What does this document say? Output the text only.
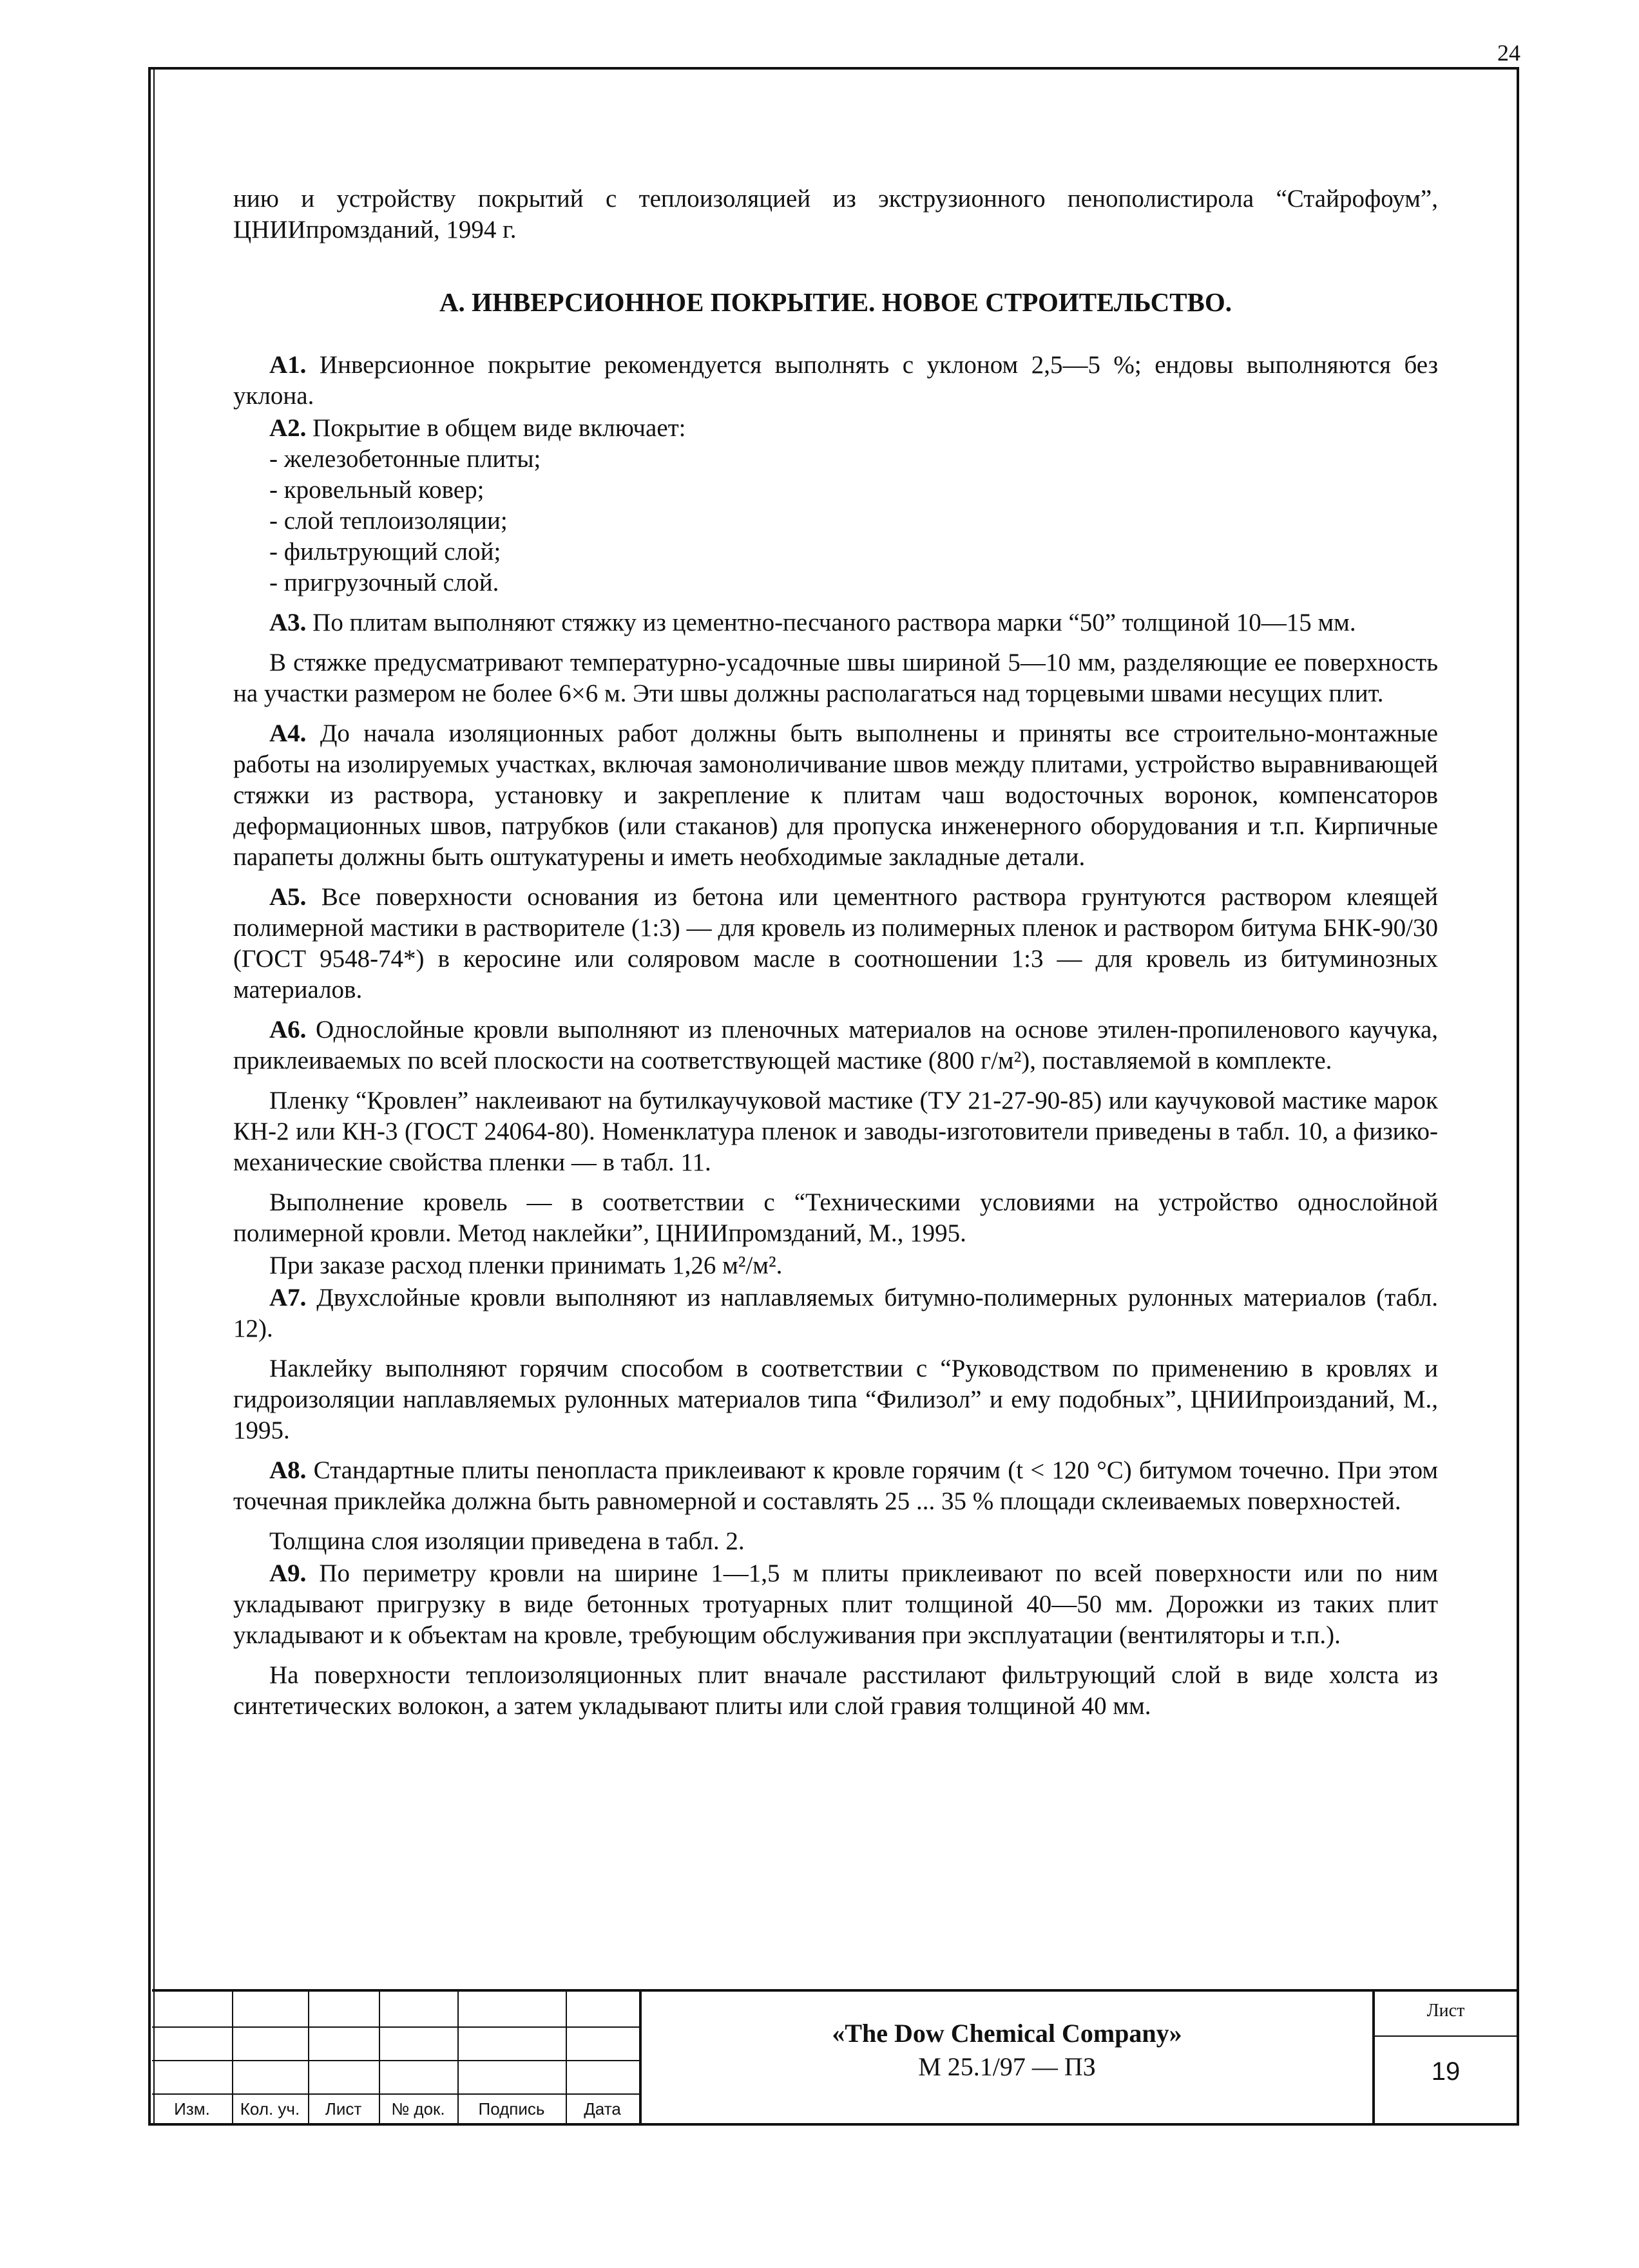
24

нию и устройству покрытий с теплоизоляцией из экструзионного пенополистирола “Стайрофоум”, ЦНИИпромзданий, 1994 г.

А. ИНВЕРСИОННОЕ ПОКРЫТИЕ. НОВОЕ СТРОИТЕЛЬСТВО.

А1. Инверсионное покрытие рекомендуется выполнять с уклоном 2,5—5 %; ендовы выполняются без уклона.

А2. Покрытие в общем виде включает:

- железобетонные плиты;

- кровельный ковер;

- слой теплоизоляции;

- фильтрующий слой;

- пригрузочный слой.

А3. По плитам выполняют стяжку из цементно-песчаного раствора марки “50” толщиной 10—15 мм.

В стяжке предусматривают температурно-усадочные швы шириной 5—10 мм, разделяющие ее поверхность на участки размером не более 6×6 м. Эти швы должны располагаться над торцевыми швами несущих плит.

А4. До начала изоляционных работ должны быть выполнены и приняты все строительно-монтажные работы на изолируемых участках, включая замоноличивание швов между плитами, устройство выравнивающей стяжки из раствора, установку и закрепление к плитам чаш водосточных воронок, компенсаторов деформационных швов, патрубков (или стаканов) для пропуска инженерного оборудования и т.п. Кирпичные парапеты должны быть оштукатурены и иметь необходимые закладные детали.

А5. Все поверхности основания из бетона или цементного раствора грунтуются раствором клеящей полимерной мастики в растворителе (1:3) — для кровель из полимерных пленок и раствором битума БНК-90/30 (ГОСТ 9548-74*) в керосине или соляровом масле в соотношении 1:3 — для кровель из битуминозных материалов.

А6. Однослойные кровли выполняют из пленочных материалов на основе этилен-пропиленового каучука, приклеиваемых по всей плоскости на соответствующей мастике (800 г/м²), поставляемой в комплекте.

Пленку “Кровлен” наклеивают на бутилкаучуковой мастике (ТУ 21-27-90-85) или каучуковой мастике марок КН-2 или КН-3 (ГОСТ 24064-80). Номенклатура пленок и заводы-изготовители приведены в табл. 10, а физико-механические свойства пленки — в табл. 11.

Выполнение кровель — в соответствии с “Техническими условиями на устройство однослойной полимерной кровли. Метод наклейки”, ЦНИИпромзданий, М., 1995.

При заказе расход пленки принимать 1,26 м²/м².

А7. Двухслойные кровли выполняют из наплавляемых битумно-полимерных рулонных материалов (табл. 12).

Наклейку выполняют горячим способом в соответствии с “Руководством по применению в кровлях и гидроизоляции наплавляемых рулонных материалов типа “Филизол” и ему подобных”, ЦНИИпроизданий, М., 1995.

А8. Стандартные плиты пенопласта приклеивают к кровле горячим (t < 120 °С) битумом точечно. При этом точечная приклейка должна быть равномерной и составлять 25 ... 35 % площади склеиваемых поверхностей.

Толщина слоя изоляции приведена в табл. 2.

А9. По периметру кровли на ширине 1—1,5 м плиты приклеивают по всей поверхности или по ним укладывают пригрузку в виде бетонных тротуарных плит толщиной 40—50 мм. Дорожки из таких плит укладывают и к объектам на кровле, требующим обслуживания при эксплуатации (вентиляторы и т.п.).

На поверхности теплоизоляционных плит вначале расстилают фильтрующий слой в виде холста из синтетических волокон, а затем укладывают плиты или слой гравия толщиной 40 мм.

Изм.	Кол. уч.	Лист	№ док.	Подпись	Дата
«The Dow Chemical Company»
М 25.1/97 — ПЗ
Лист
19
